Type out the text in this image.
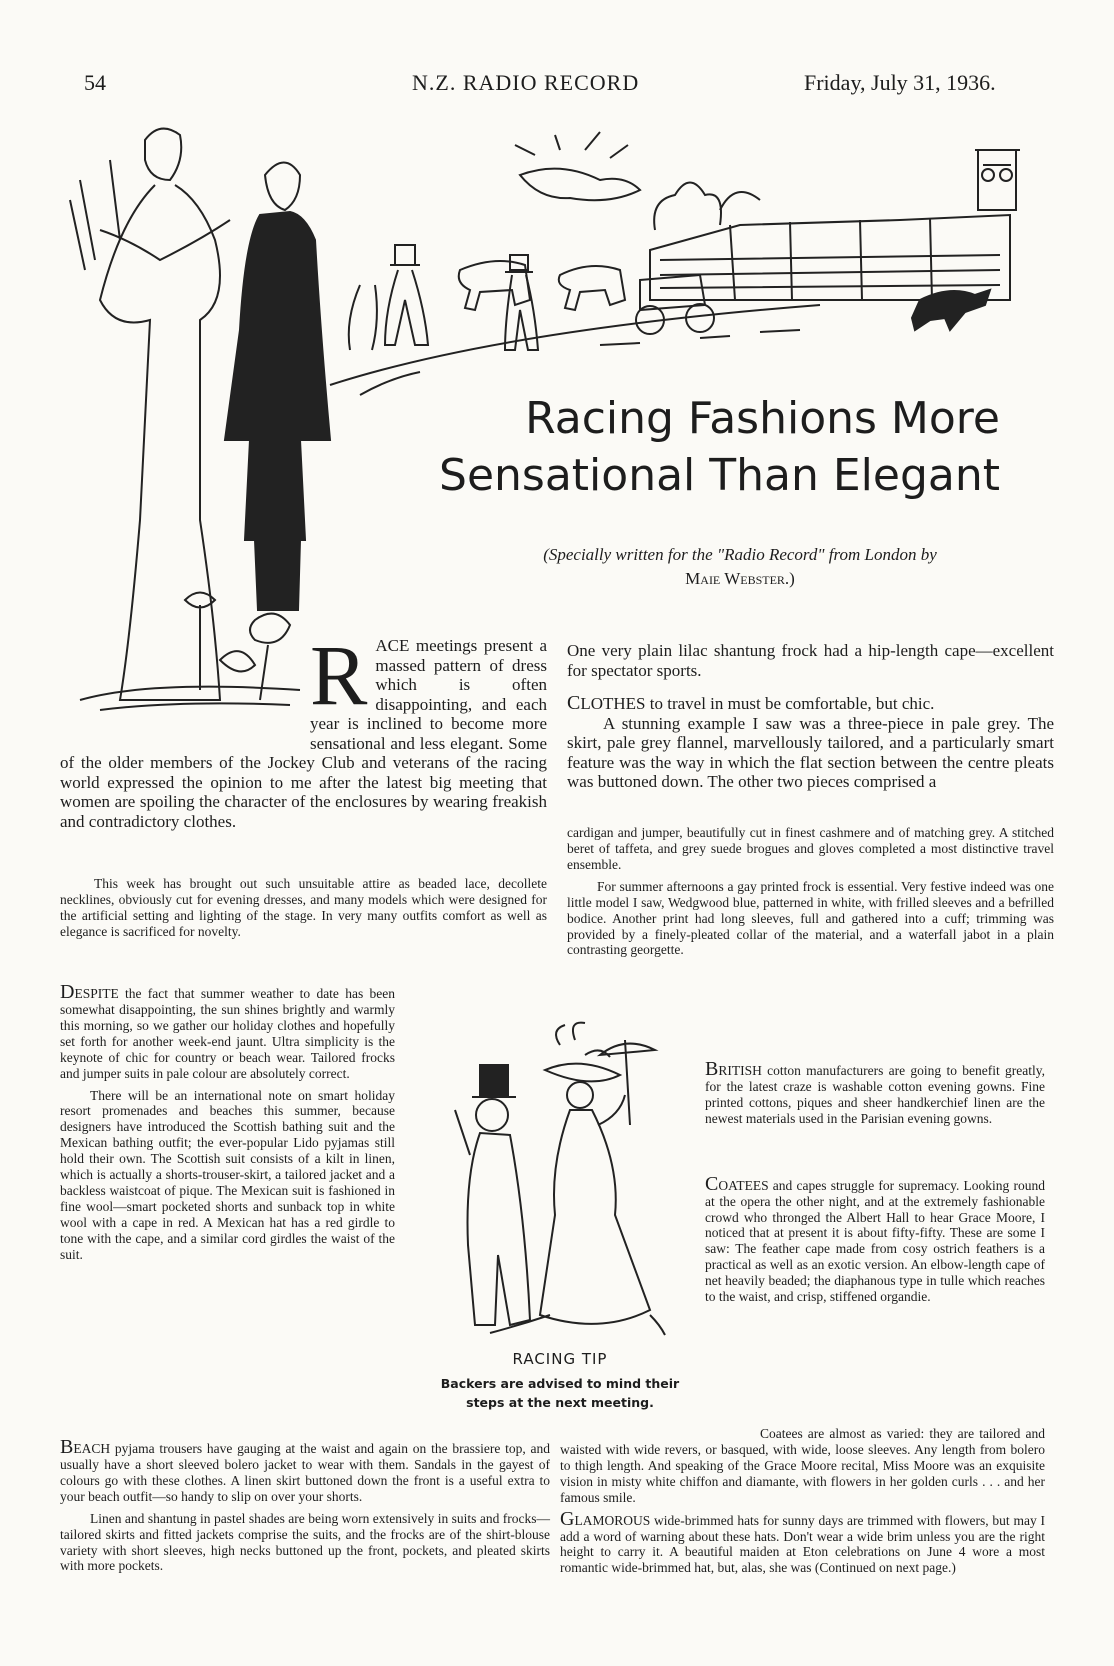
54	N.Z. RADIO RECORD	Friday, July 31, 1936.
Racing Fashions More
Sensational Than Elegant
(Specially written for the "Radio Record" from London by
Maie Webster.)

RACE meetings present a massed pattern of dress which is often disappointing, and each year is inclined to become more sensational and less elegant. Some of the older members of the Jockey Club and veterans of the racing world expressed the opinion to me after the latest big meeting that women are spoiling the character of the enclosures by wearing freakish and contradictory clothes.

This week has brought out such unsuitable attire as beaded lace, decollete necklines, obviously cut for evening dresses, and many models which were designed for the artificial setting and lighting of the stage. In very many outfits comfort as well as elegance is sacrificed for novelty.

DESPITE the fact that summer weather to date has been somewhat disappointing, the sun shines brightly and warmly this morning, so we gather our holiday clothes and hopefully set forth for another week-end jaunt. Ultra simplicity is the keynote of chic for country or beach wear. Tailored frocks and jumper suits in pale colour are absolutely correct.

There will be an international note on smart holiday resort promenades and beaches this summer, because designers have introduced the Scottish bathing suit and the Mexican bathing outfit; the ever-popular Lido pyjamas still hold their own. The Scottish suit consists of a kilt in linen, which is actually a shorts-trouser-skirt, a tailored jacket and a backless waistcoat of pique. The Mexican suit is fashioned in fine wool—smart pocketed shorts and sunback top in white wool with a cape in red. A Mexican hat has a red girdle to tone with the cape, and a similar cord girdles the waist of the suit.

RACING TIP
Backers are advised to mind their
steps at the next meeting.

BEACH pyjama trousers have gauging at the waist and again on the brassiere top, and usually have a short sleeved bolero jacket to wear with them. Sandals in the gayest of colours go with these clothes. A linen skirt buttoned down the front is a useful extra to your beach outfit—so handy to slip on over your shorts.

Linen and shantung in pastel shades are being worn extensively in suits and frocks—tailored skirts and fitted jackets comprise the suits, and the frocks are of the shirt-blouse variety with short sleeves, high necks buttoned up the front, pockets, and pleated skirts with more pockets.

One very plain lilac shantung frock had a hip-length cape—excellent for spectator sports.

CLOTHES to travel in must be comfortable, but chic.

A stunning example I saw was a three-piece in pale grey. The skirt, pale grey flannel, marvellously tailored, and a particularly smart feature was the way in which the flat section between the centre pleats was buttoned down. The other two pieces comprised a

cardigan and jumper, beautifully cut in finest cashmere and of matching grey. A stitched beret of taffeta, and grey suede brogues and gloves completed a most distinctive travel ensemble.

For summer afternoons a gay printed frock is essential. Very festive indeed was one little model I saw, Wedgwood blue, patterned in white, with frilled sleeves and a befrilled bodice. Another print had long sleeves, full and gathered into a cuff; trimming was provided by a finely-pleated collar of the material, and a waterfall jabot in a plain contrasting georgette.

BRITISH cotton manufacturers are going to benefit greatly, for the latest craze is washable cotton evening gowns. Fine printed cottons, piques and sheer handkerchief linen are the newest materials used in the Parisian evening gowns.

COATEES and capes struggle for supremacy. Looking round at the opera the other night, and at the extremely fashionable crowd who thronged the Albert Hall to hear Grace Moore, I noticed that at present it is about fifty-fifty. These are some I saw: The feather cape made from cosy ostrich feathers is a practical as well as an exotic version. An elbow-length cape of net heavily beaded; the diaphanous type in tulle which reaches to the waist, and crisp, stiffened organdie.

Coatees are almost as varied: they are tailored and waisted with wide revers, or basqued, with wide, loose sleeves. Any length from bolero to thigh length. And speaking of the Grace Moore recital, Miss Moore was an exquisite vision in misty white chiffon and diamante, with flowers in her golden curls . . . and her famous smile.

GLAMOROUS wide-brimmed hats for sunny days are trimmed with flowers, but may I add a word of warning about these hats. Don't wear a wide brim unless you are the right height to carry it. A beautiful maiden at Eton celebrations on June 4 wore a most romantic wide-brimmed hat, but, alas, she was (Continued on next page.)
